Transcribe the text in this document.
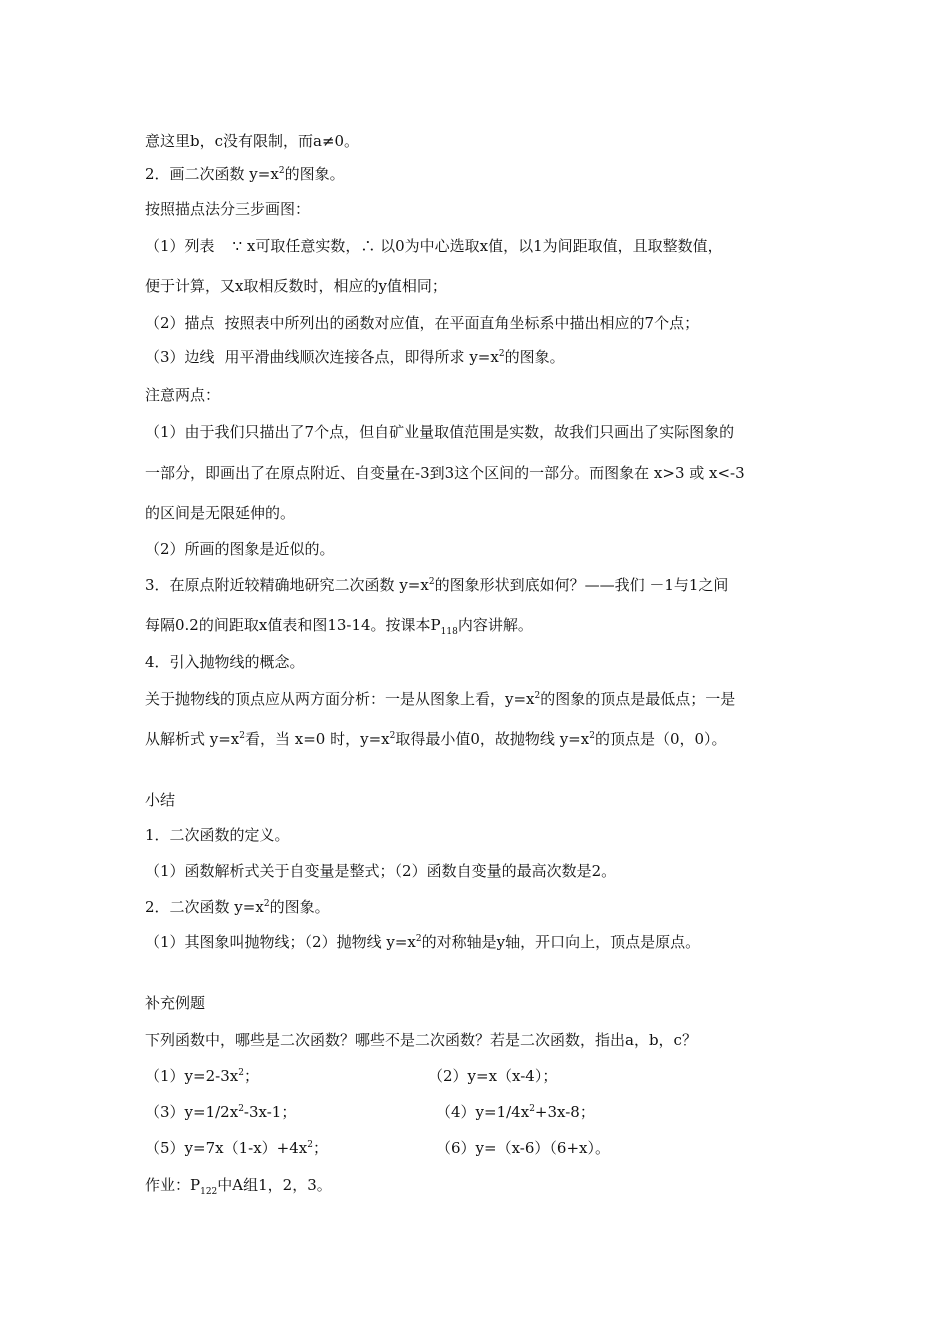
意这里b，c没有限制，而a≠0。
2．画二次函数 $y=x^2$的图象。
按照描点法分三步画图：
（1）列表 ∵ x可取任意实数，∴ 以0为中心选取x值，以1为间距取值，且取整数值，
便于计算，又x取相反数时，相应的y值相同；
（2）描点 按照表中所列出的函数对应值，在平面直角坐标系中描出相应的7个点；
（3）边线 用平滑曲线顺次连接各点，即得所求 $y=x^2$的图象。
注意两点：
（1）由于我们只描出了7个点，但自矿业量取值范围是实数，故我们只画出了实际图象的
一部分，即画出了在原点附近、自变量在-3到3这个区间的一部分。而图象在 x>3 或 x<-3
的区间是无限延伸的。
（2）所画的图象是近似的。
3．在原点附近较精确地研究二次函数 $y=x^2$的图象形状到底如何？——我们 －1与1之间
每隔0.2的间距取x值表和图13-14。按课本$P_{118}$内容讲解。
4．引入抛物线的概念。
关于抛物线的顶点应从两方面分析：一是从图象上看，$y=x^2$的图象的顶点是最低点；一是
从解析式 $y=x^2$看，当 x=0 时，$y=x^2$取得最小值0，故抛物线 $y=x^2$的顶点是（0，0）。
小结
1．二次函数的定义。
（1）函数解析式关于自变量是整式；（2）函数自变量的最高次数是2。
2．二次函数 $y=x^2$的图象。
（1）其图象叫抛物线；（2）抛物线 $y=x^2$的对称轴是y轴，开口向上，顶点是原点。
补充例题
下列函数中，哪些是二次函数？哪些不是二次函数？若是二次函数，指出a，b，c？
$(1)y=2-3x^2$；	（2）y=x（x-4）；
$(3)y=1/2x^2-3x-1$；	$(4)y=1/4x^2+3x-8$；
$(5)y=7x(1-x)+4x^2$；	（6）y=（x-6）（6+x）。
作业：$P_{122}$中A组1，2，3。
